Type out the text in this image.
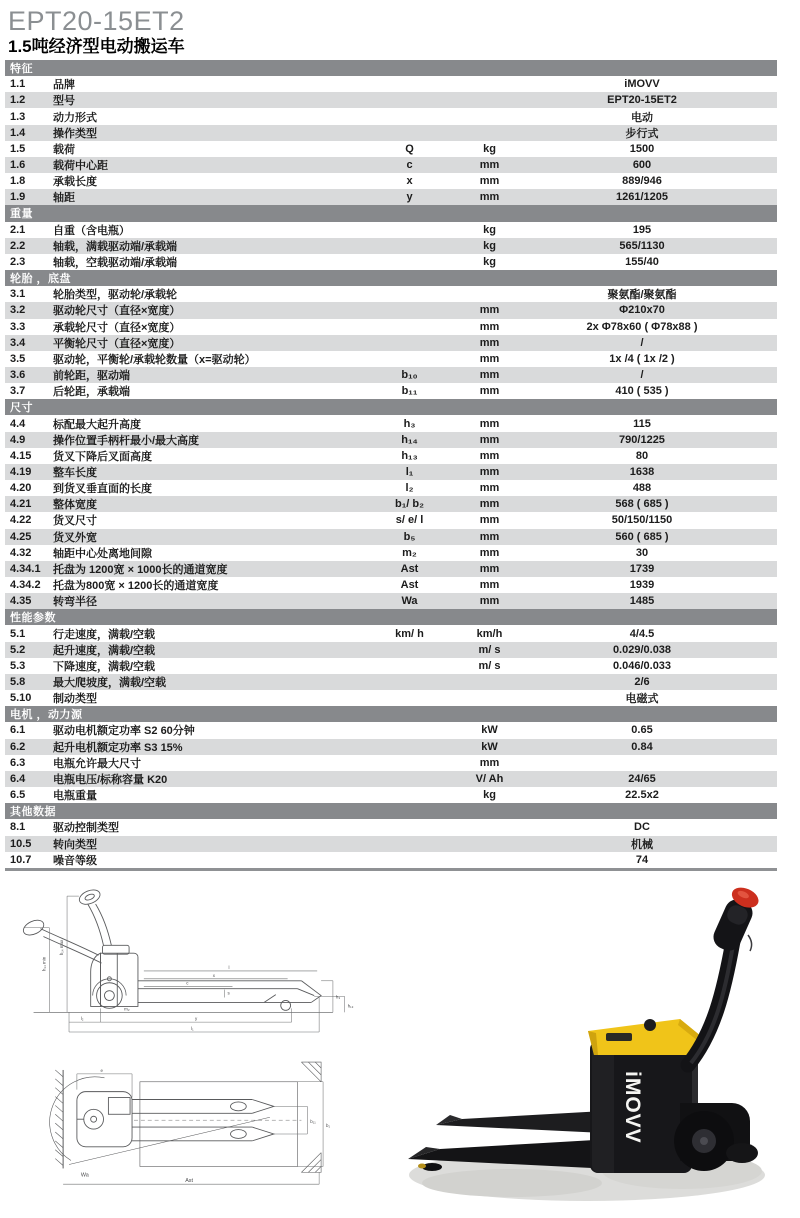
EPT20-15ET2
1.5吨经济型电动搬运车
特征
1.1	品牌	iMOVV
1.2	型号	EPT20-15ET2
1.3	动力形式	电动
1.4	操作类型	步行式
1.5	载荷	Q	kg	1500
1.6	载荷中心距	c	mm	600
1.8	承载长度	x	mm	889/946
1.9	轴距	y	mm	1261/1205
重量
2.1	自重（含电瓶）	kg	195
2.2	轴载，满载驱动端/承载端	kg	565/1130
2.3	轴载，空载驱动端/承载端	kg	155/40
轮胎 ，底盘
3.1	轮胎类型，驱动轮/承载轮	聚氨酯/聚氨酯
3.2	驱动轮尺寸（直径×宽度）	mm	Φ210x70
3.3	承载轮尺寸（直径×宽度）	mm	2x Φ78x60 ( Φ78x88 )
3.4	平衡轮尺寸（直径×宽度）	mm	/
3.5	驱动轮，平衡轮/承载轮数量（x=驱动轮）	mm	1x /4 ( 1x /2 )
3.6	前轮距，驱动端	b₁₀	mm	/
3.7	后轮距，承载端	b₁₁	mm	410 ( 535 )
尺寸
4.4	标配最大起升高度	h₃	mm	115
4.9	操作位置手柄杆最小/最大高度	h₁₄	mm	790/1225
4.15	货叉下降后叉面高度	h₁₃	mm	80
4.19	整车长度	l₁	mm	1638
4.20	到货叉垂直面的长度	l₂	mm	488
4.21	整体宽度	b₁/ b₂	mm	568 ( 685 )
4.22	货叉尺寸	s/ e/ l	mm	50/150/1150
4.25	货叉外宽	b₅	mm	560 ( 685 )
4.32	轴距中心处离地间隙	m₂	mm	30
4.34.1	托盘为 1200宽 × 1000长的通道宽度	Ast	mm	1739
4.34.2	托盘为800宽 × 1200长的通道宽度	Ast	mm	1939
4.35	转弯半径	Wa	mm	1485
性能参数
5.1	行走速度，满载/空载	km/ h	km/h	4/4.5
5.2	起升速度，满载/空载	m/ s	0.029/0.038
5.3	下降速度，满载/空载	m/ s	0.046/0.033
5.8	最大爬坡度，满载/空载	2/6
5.10	制动类型	电磁式
电机 ，动力源
6.1	驱动电机额定功率 S2 60分钟	kW	0.65
6.2	起升电机额定功率 S3 15%	kW	0.84
6.3	电瓶允许最大尺寸	mm
6.4	电瓶电压/标称容量 K20	V/ Ah	24/65
6.5	电瓶重量	kg	22.5x2
其他数据
8.1	驱动控制类型	DC
10.5	转向类型	机械
10.7	噪音等级	74
h₁₄ min
h₁₄ max
l
x
c
s
h₃
h₁₃
m₂
y
l₂
l₁
b₁₁
b₁
e
Ast
Wa
iMOVV
